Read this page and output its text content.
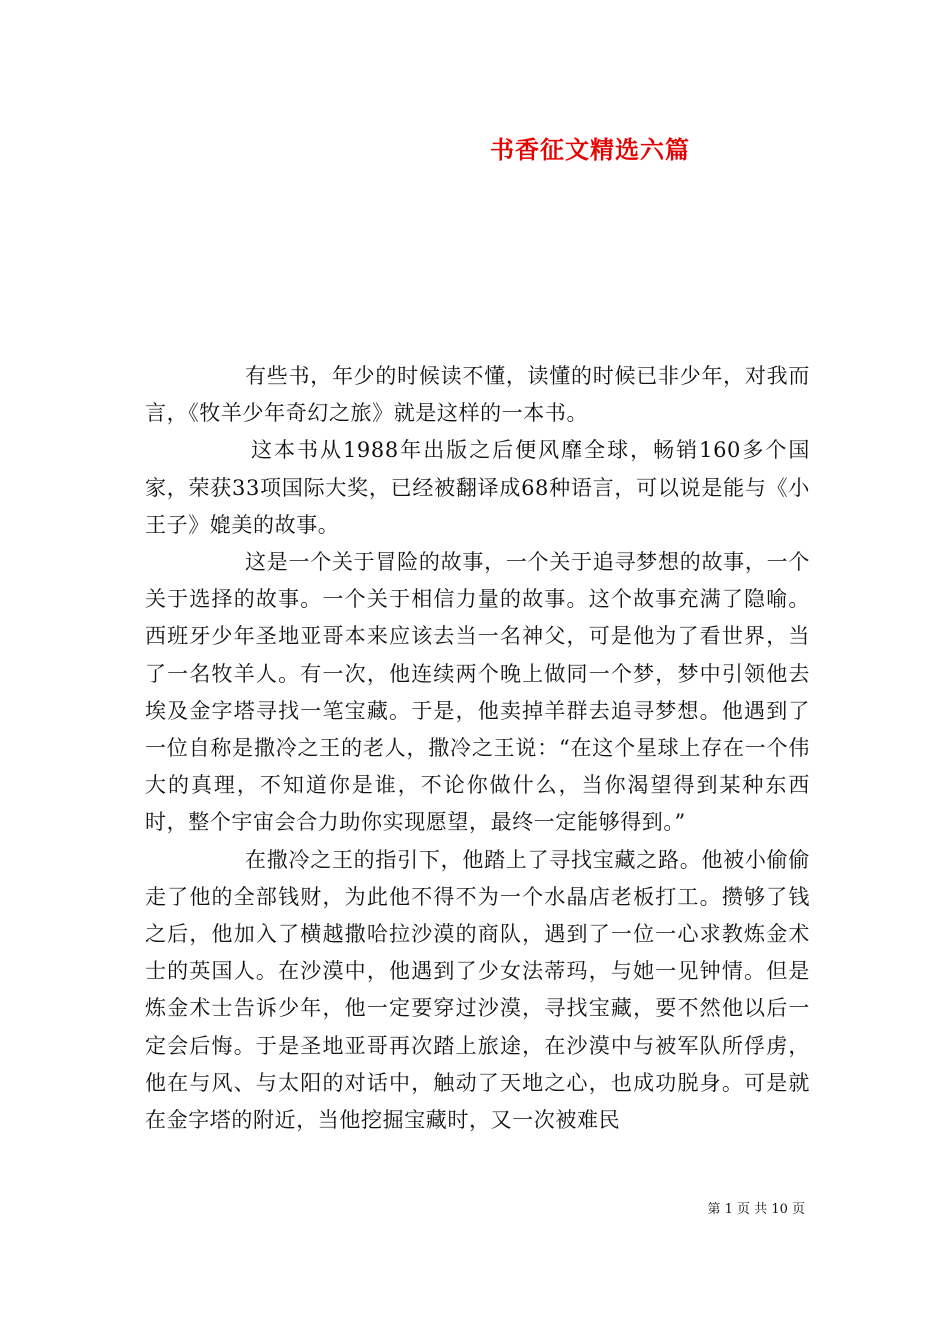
书香征文精选六篇

有些书，年少的时候读不懂，读懂的时候已非少年，对我而言，《牧羊少年奇幻之旅》就是这样的一本书。

这本书从1988年出版之后便风靡全球，畅销160多个国家，荣获33项国际大奖，已经被翻译成68种语言，可以说是能与《小王子》媲美的故事。

这是一个关于冒险的故事，一个关于追寻梦想的故事，一个关于选择的故事。一个关于相信力量的故事。这个故事充满了隐喻。西班牙少年圣地亚哥本来应该去当一名神父，可是他为了看世界，当了一名牧羊人。有一次，他连续两个晚上做同一个梦，梦中引领他去埃及金字塔寻找一笔宝藏。于是，他卖掉羊群去追寻梦想。他遇到了一位自称是撒冷之王的老人，撒冷之王说：“在这个星球上存在一个伟大的真理，不知道你是谁，不论你做什么，当你渴望得到某种东西时，整个宇宙会合力助你实现愿望，最终一定能够得到。”

在撒冷之王的指引下，他踏上了寻找宝藏之路。他被小偷偷走了他的全部钱财，为此他不得不为一个水晶店老板打工。攒够了钱之后，他加入了横越撒哈拉沙漠的商队，遇到了一位一心求教炼金术士的英国人。在沙漠中，他遇到了少女法蒂玛，与她一见钟情。但是炼金术士告诉少年，他一定要穿过沙漠，寻找宝藏，要不然他以后一定会后悔。于是圣地亚哥再次踏上旅途，在沙漠中与被军队所俘虏，他在与风、与太阳的对话中，触动了天地之心，也成功脱身。可是就在金字塔的附近，当他挖掘宝藏时，又一次被难民

第 1 页 共 10 页
